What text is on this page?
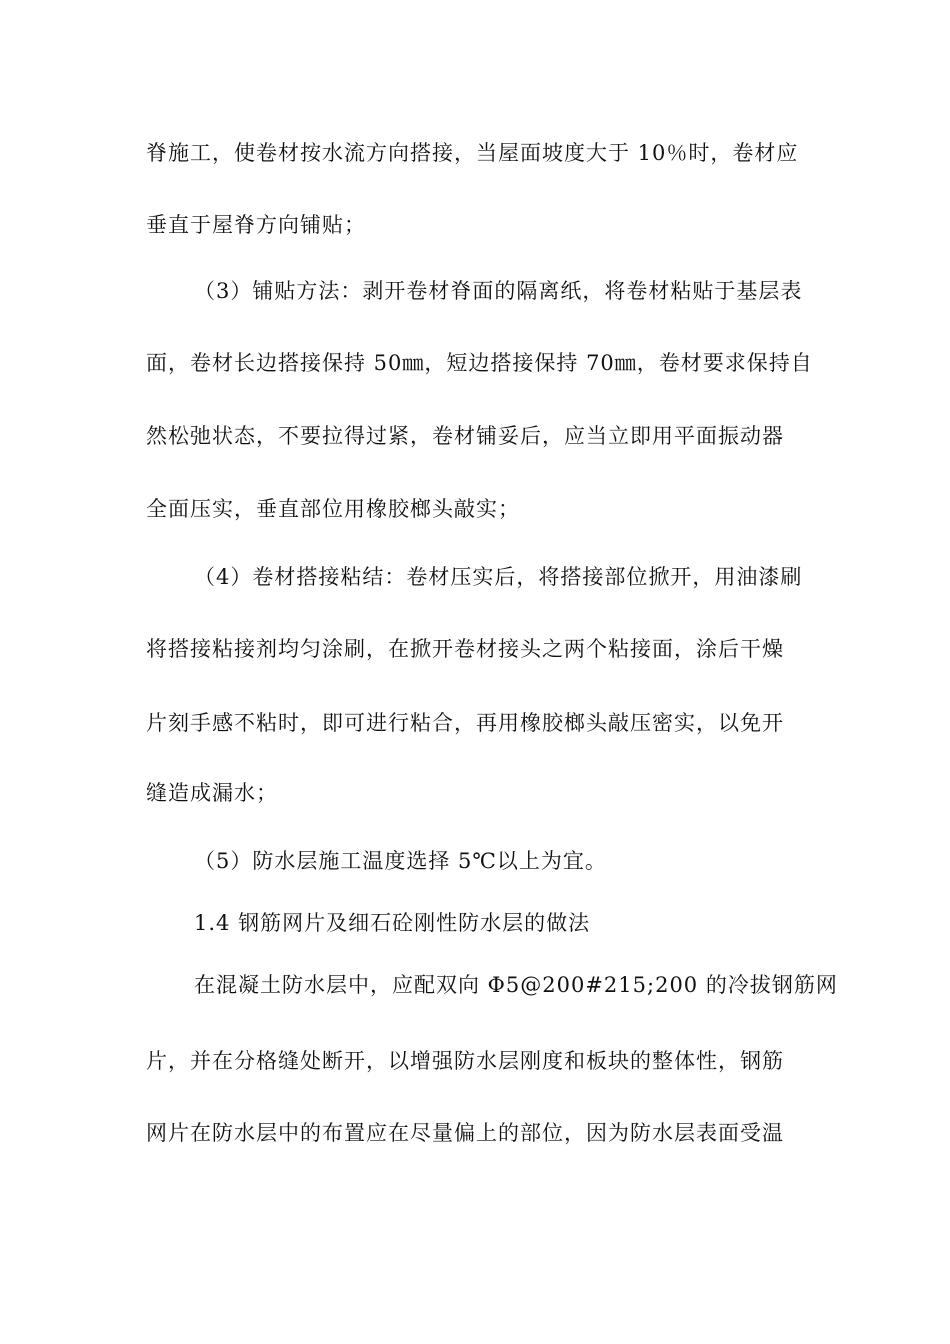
脊施工，使卷材按水流方向搭接，当屋面坡度大于 10％时，卷材应
垂直于屋脊方向铺贴；
（3）铺贴方法：剥开卷材脊面的隔离纸，将卷材粘贴于基层表
面，卷材长边搭接保持 50㎜，短边搭接保持 70㎜，卷材要求保持自
然松弛状态，不要拉得过紧，卷材铺妥后，应当立即用平面振动器
全面压实，垂直部位用橡胶榔头敲实；
（4）卷材搭接粘结：卷材压实后，将搭接部位掀开，用油漆刷
将搭接粘接剂均匀涂刷，在掀开卷材接头之两个粘接面，涂后干燥
片刻手感不粘时，即可进行粘合，再用橡胶榔头敲压密实，以免开
缝造成漏水；
（5）防水层施工温度选择 5℃以上为宜。
1.4 钢筋网片及细石砼刚性防水层的做法
在混凝土防水层中，应配双向 Φ5@200#215;200 的冷拔钢筋网
片，并在分格缝处断开，以增强防水层刚度和板块的整体性，钢筋
网片在防水层中的布置应在尽量偏上的部位，因为防水层表面受温
